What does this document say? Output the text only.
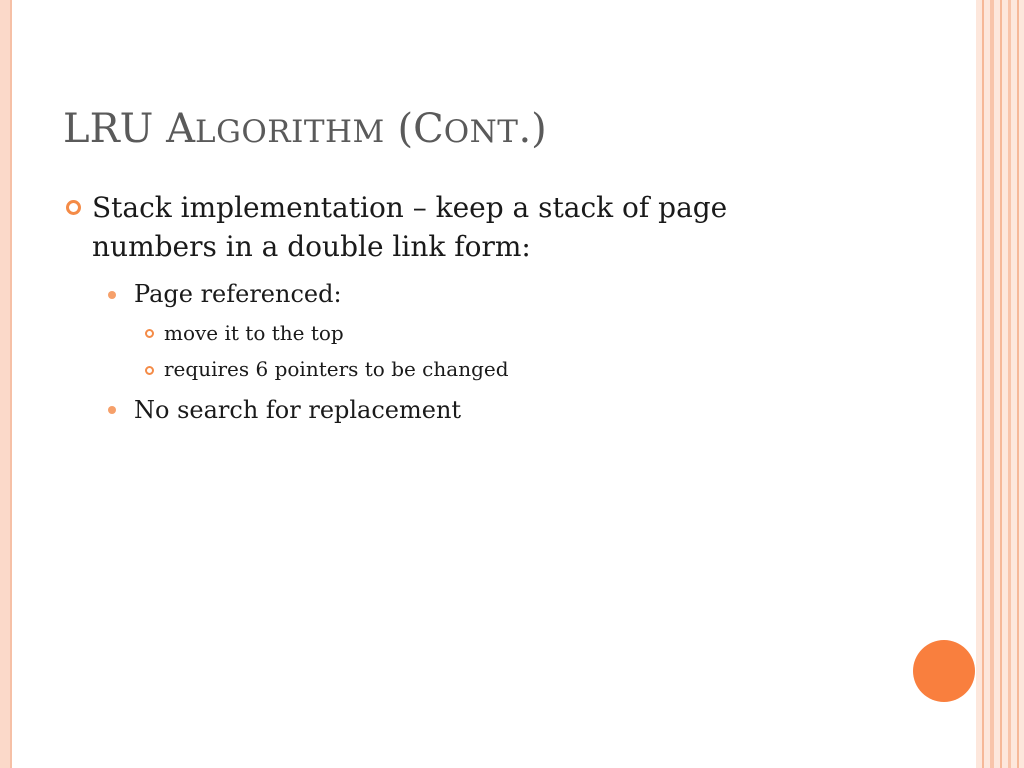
LRU ALGORITHM (CONT.)
Stack implementation – keep a stack of page numbers in a double link form:
Page referenced:
move it to the top
requires 6 pointers to be changed
No search for replacement
